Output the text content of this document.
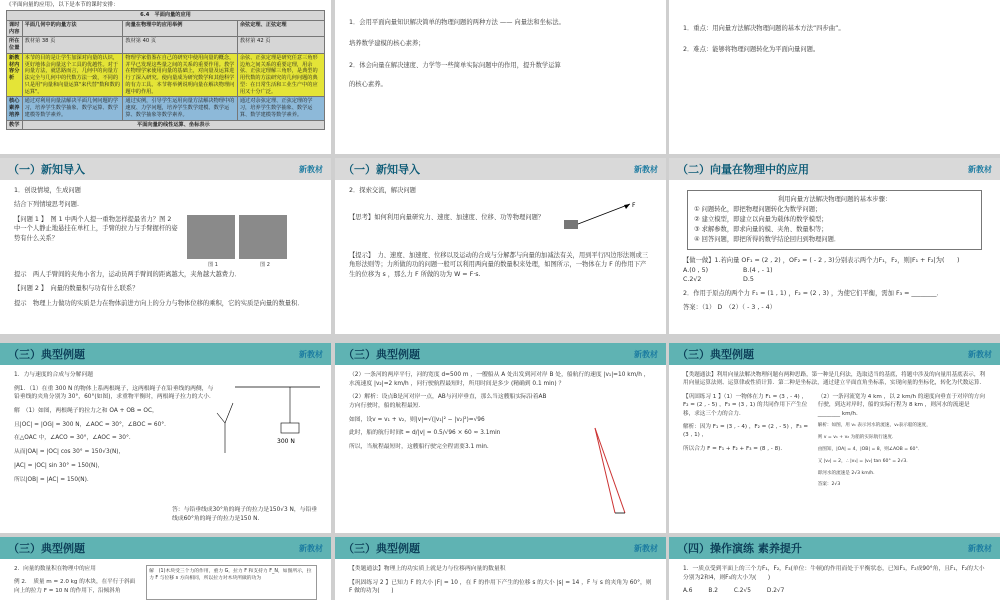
《平面向量的应用》，以下是本节的课时安排：
6.4　平面向量的应用			
课时内容	平面几何中的向量方法	向量在物理中的应用举例	余弦定理、正弦定理
所在位置	教材第 38 页	教材第 40 页	教材第 42 页
新教材内容分析	本节的目的是让学生加深对向量的认识，更好地体会向量这个工具的优越性。对于向量方法，就思路而言，几何中的向量方法完全与几何中的代数方法一致，不同的只是用"向量和向量运算"来代替"数和数的运算"。	物理学家借鉴在自己的研究中使用向量的概念，并早已发现这些量之间的关系的重要作用。教学在物理学家使用向量的基础上，对向量及运算进行了深入研究。使向量成为研究数学和其他科学的有力工具。本节将举例说明向量在解决物理问题中的作用。	余弦、正弦定理是研究任意三角形边角之间关系的重要定理，用余弦、正弦定理解三角形，是典型的用代数的方法研究的几何问题的典型：在日常生活和工业生产中的应用又十分广泛。
核心素养培养	通过对利用向量法解决平面几何问题的学习，培养学生数学抽象、数学运算、数学建模等数学素养。	通过实例，引导学生运用向量方法解决物理中的速度、力学问题，培养学生数学建模、数学运算、数学抽象等数学素养。	通过对余弦定理、正弦定理的学习，培养学生数学抽象、数学运算、数学建模等数学素养。
教学	平面向量的线性运算、坐标表示		

1．会用平面向量知识解决简单的物理问题的两种方法 —— 向量法和坐标法。

培养数学建模的核心素养；

2．体会向量在解决速度、力学等一些简单实际问题中的作用，提升数学运算

的核心素养。

1．重点：用向量方法解决物理问题的基本方法“四步曲”。

2．难点：能够将物理问题转化为平面向量问题。

（一）新知导入	新教材

1．创设情境，生成问题

结合下列情境思考问题.

【问题 1 】　图 1 中两个人提一重物怎样提最省力？图 2 中一个人静止地悬挂在单杠上，手臂的拉力与手臂握杆的姿势有什么关系？

图 1	图 2

提示　两人手臂间的夹角小省力，运动员两手臂间的距离越大，夹角越大越费力．

【问题 2 】　向量的数量积与功有什么联系？

提示　物理上力做功的实质是力在物体前进方向上的分力与物体位移的乘积，它的实质是向量的数量积．

（一）新知导入	新教材

2．探索交流，解决问题

【思考】如何利用向量研究力、速度、加速度、位移、功等物理问题？

F

【提示】　力、速度、加速度、位移以及运动的合成与分解都与向量的加减法有关，用到平行四边形法则或三角形法则等；力所做的功的问题一般可以利用两向量的数量积来处理，如图所示，一物体在力 F 的作用下产生的位移为 s ，那么力 F 所做的功为 W = F·s.

（二）向量在物理中的应用	新教材
利用向量方法解决物理问题的基本步骤：
① 问题转化，即把物理问题转化为数学问题；
② 建立模型，即建立以向量为载体的数学模型；
③ 求解参数，即求向量的模、夹角、数量积等；
④ 回答问题，即把所得的数学结论回归到物理问题．

【做一做】1.若向量 OF₁ = (2 , 2) ，OF₂ = ( - 2 , 3)分别表示两个力F₁，F₂，则|F₁ + F₂|为(　　)

A.(0 , 5)	B.(4 , - 1)
C.2√2	D.5

2．作用于原点的两个力 F₁ = (1 , 1) ，F₂ = (2 , 3) ，为使它们平衡，需加 F₃ = ________．

答案：（1） D　（2）（ - 3 , - 4）

（三）典型例题	新教材

1．力与速度的合成与分解问题

例1．（1）在重 300 N 的物体上系两根绳子，这两根绳子在铅垂线的两侧，与铅垂线的夹角分别为 30°，60°(如图)，求重物平衡时，两根绳子拉力的大小．

解　（1）如图，两根绳子的拉力之和 OA + OB = OC，

且|OC| = |OG| = 300 N，∠AOC = 30°，∠BOC = 60°．

在△OAC 中，∠ACO = 30°，∠AOC = 30°．

从而|OA| = |OC| cos 30° = 150√3(N)，

|AC| = |OC| sin 30° = 150(N)，

所以|OB| = |AC| = 150(N)．

300 N

答：与铅垂线成30°角的绳子的拉力是150√3 N，与铅垂线成60°角的绳子的拉力是150 N.

（三）典型例题	新教材

（2）一条河的两岸平行，河的宽度 d=500 m ，一艘船从 A 处出发到河对岸 B 处，船航行的速度 |v₁|=10 km/h ，水流速度 |v₂|=2 km/h ，问行驶航程最短时，所用时间是多少 (精确到 0.1 min) ？

（2）解析：设点B是河对岸一点，AB与河岸垂直，那么当这艘船实际沿着AB方向行驶时，船的航程最短．

如图，设v = v₁ + v₂，则|v|=√(|v₁|² − |v₂|²)=√96

此时，船的航行时间t = d/|v| = 0.5/√96 × 60 ≈ 3.1min

所以，当航程最短时，这艘船行驶完全程需要3.1 min.

（三）典型例题	新教材

【类题通法】利用向量法解决物理问题有两种思路，第一种是几何法，选取适当的基底，将题中涉及的向量用基底表示，利用向量运算法则、运算律或性质计算．第二种是坐标法，通过建立平面直角坐标系，实现向量的坐标化，转化为代数运算．

【巩固练习 1 】（1）一物体在力 F₁ = (3 , - 4) ，F₂ = (2 , - 5) ，F₃ = (3 , 1) 的共同作用下产生位移，求这三个力的合力．

解析：因为 F₁ = (3 , - 4) ，F₂ = (2 , - 5) ，F₃ = (3 , 1) ，

所以合力 F = F₁ + F₂ + F₃ = (8 , - 8)．

（2）一条河流宽为 4 km ，以 2 km/h 的速度向垂直于对岸的方向行驶，到达对岸时，船的实际行程为 8 km ，则河水的流速是 ________ km/h.

解析：如图，用 v₁ 表示河水的流速，v₂表示船的速度，

则 v = v₁ + v₂ 为船的实际航行速度．

由图知，|OA| = 4，|OB| = 8，则∠AOB = 60°．

又 |v₂| = 2，∴ |v₁| = |v₂| tan 60° = 2√3．

即河水的流速是 2√3 km/h.

答案：2√3

（三）典型例题	新教材

2．向量的数量积在物理中的应用

例 2．　质量 m = 2.0 kg 的木块，在平行于斜面向上的拉力 F = 10 N 的作用下，沿倾斜角

解　(1)木块受三个力的作用，重力 G，拉力 F 和支持力 F_N，如图所示，拉力 F 与位移 s 方向相同，所以拉力对木块所做的功为
（三）典型例题	新教材

【类题通法】物理上的功实质上就是力与位移两向量的数量积

【巩固练习 2 】已知力 F 的大小 |F| = 10 ，在 F 的作用下产生的位移 s 的大小 |s| = 14 ，F 与 s 的夹角为 60°，则 F 做的功为(　　)

（四）操作演练 素养提升	新教材

1．一质点受到平面上的三个力F₁，F₂，F₃(单位：牛顿)的作用而处于平衡状态，已知F₁，F₂成90°角，且F₁，F₂的大小分别为2和4，则F₃的大小为(　　)

A.6	B.2	C.2√5	D.2√7
